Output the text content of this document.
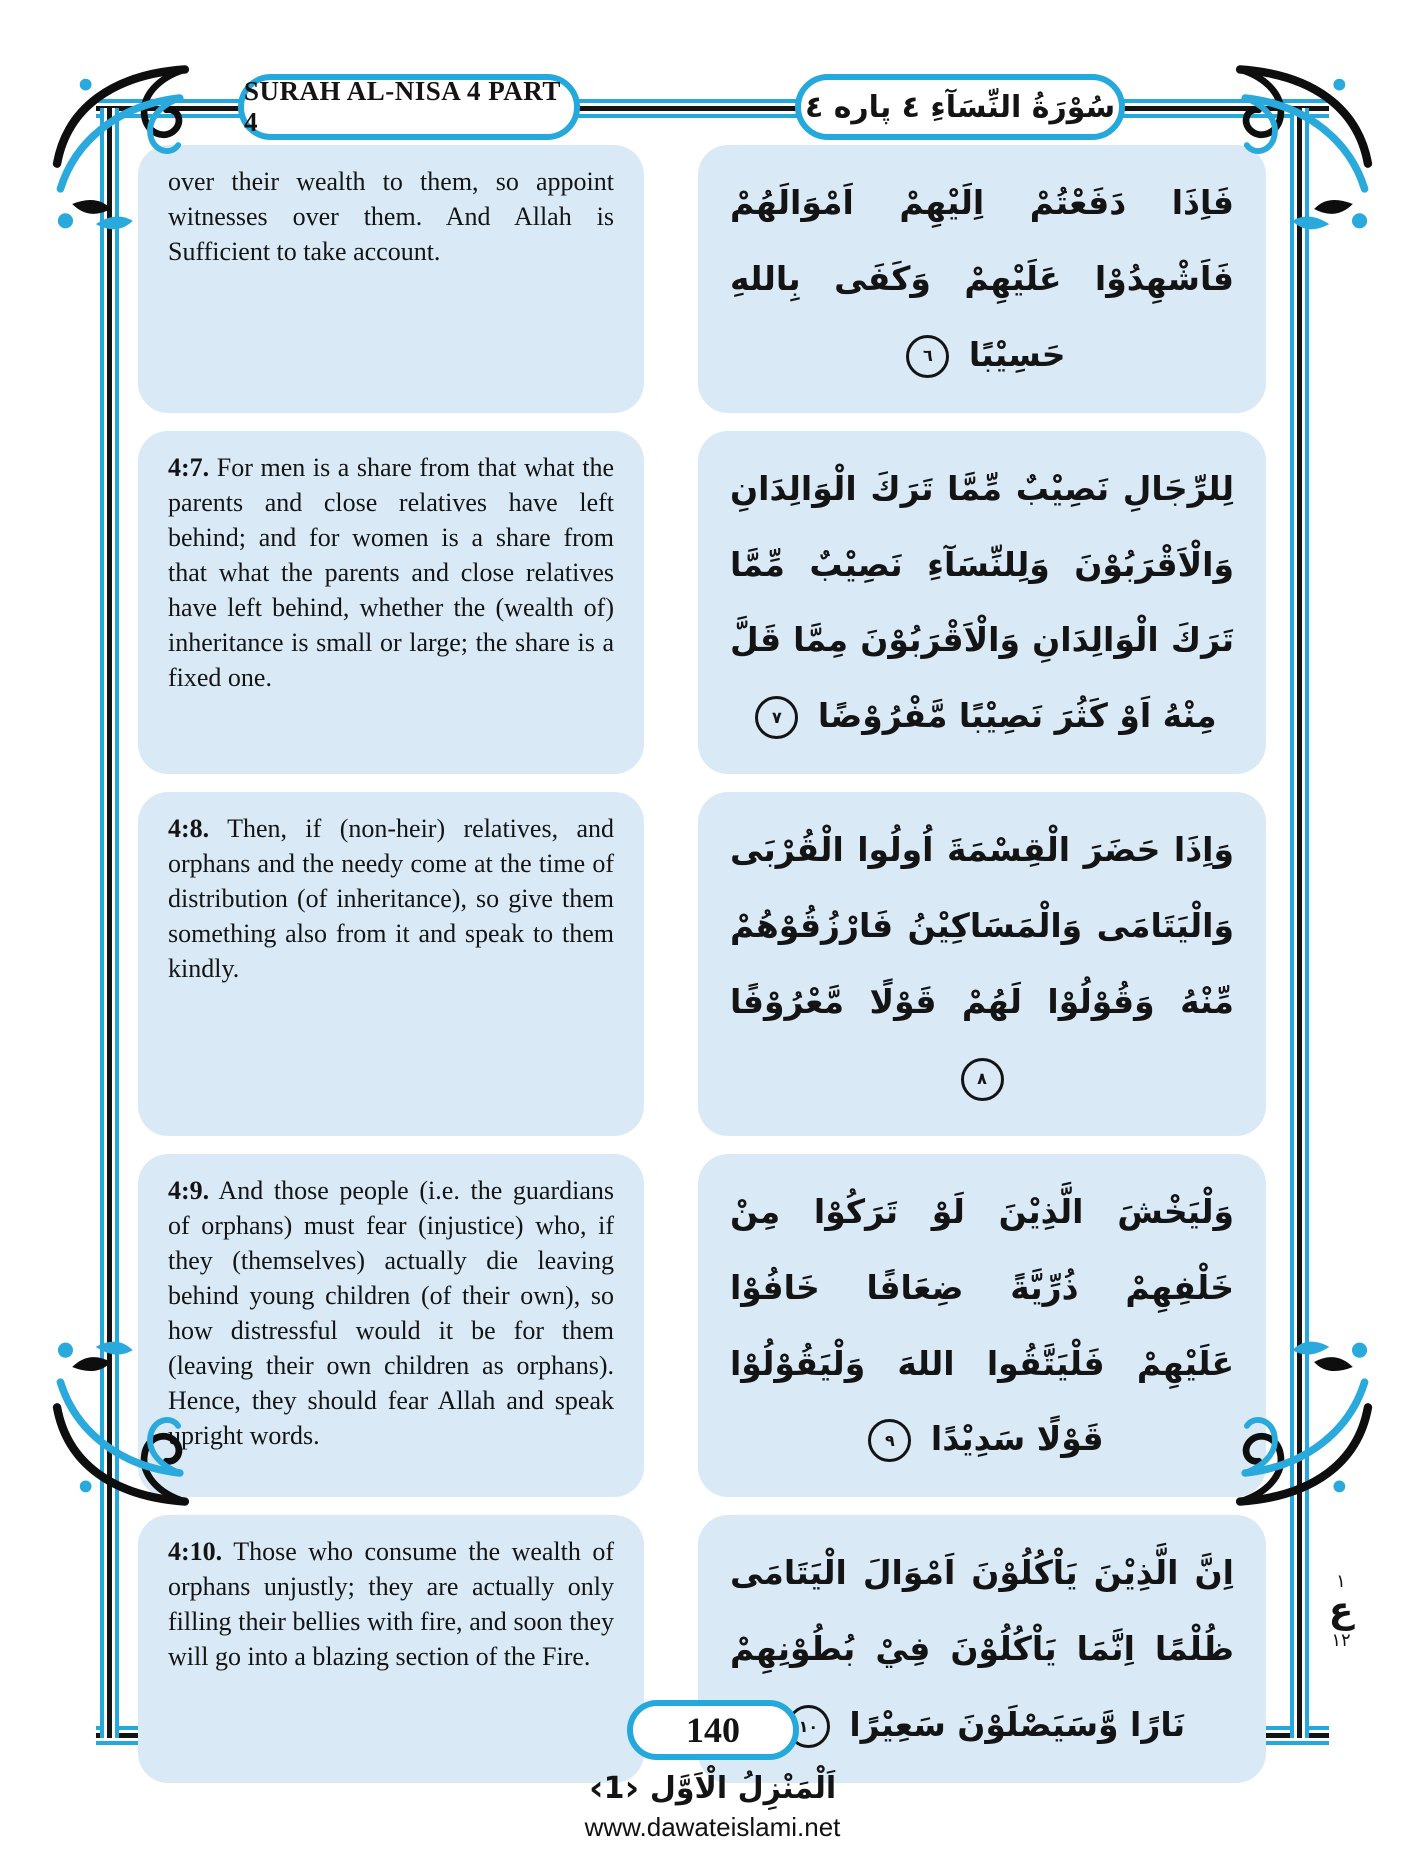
SURAH AL-NISA 4 PART 4	سُوْرَةُ النِّسَآءِ ٤ پاره ٤
over their wealth to them, so appoint witnesses over them. And Allah is Sufficient to take account.
فَاِذَا دَفَعْتُمْ اِلَيْهِمْ اَمْوَالَهُمْ فَاَشْهِدُوْا عَلَيْهِمْ وَكَفَى بِاللهِ حَسِيْبًا
٦
4:7. For men is a share from that what the parents and close relatives have left behind; and for women is a share from that what the parents and close relatives have left behind, whether the (wealth of) inheritance is small or large; the share is a fixed one.
لِلرِّجَالِ نَصِيْبٌ مِّمَّا تَرَكَ الْوَالِدَانِ وَالْاَقْرَبُوْنَ وَلِلنِّسَآءِ نَصِيْبٌ مِّمَّا تَرَكَ الْوَالِدَانِ وَالْاَقْرَبُوْنَ مِمَّا قَلَّ مِنْهُ اَوْ كَثُرَ نَصِيْبًا مَّفْرُوْضًا
٧
4:8. Then, if (non-heir) relatives, and orphans and the needy come at the time of distribution (of inheritance), so give them something also from it and speak to them kindly.
وَاِذَا حَضَرَ الْقِسْمَةَ اُولُوا الْقُرْبَى وَالْيَتَامَى وَالْمَسَاكِيْنُ فَارْزُقُوْهُمْ مِّنْهُ وَقُوْلُوْا لَهُمْ قَوْلًا مَّعْرُوْفًا
٨
4:9. And those people (i.e. the guardians of orphans) must fear (injustice) who, if they (themselves) actually die leaving behind young children (of their own), so how distressful would it be for them (leaving their own children as orphans). Hence, they should fear Allah and speak upright words.
وَلْيَخْشَ الَّذِيْنَ لَوْ تَرَكُوْا مِنْ خَلْفِهِمْ ذُرِّيَّةً ضِعَافًا خَافُوْا عَلَيْهِمْ فَلْيَتَّقُوا اللهَ وَلْيَقُوْلُوْا قَوْلًا سَدِيْدًا
٩
4:10. Those who consume the wealth of orphans unjustly; they are actually only filling their bellies with fire, and soon they will go into a blazing section of the Fire.
اِنَّ الَّذِيْنَ يَاْكُلُوْنَ اَمْوَالَ الْيَتَامَى ظُلْمًا اِنَّمَا يَاْكُلُوْنَ فِيْ بُطُوْنِهِمْ نَارًا وَّسَيَصْلَوْنَ سَعِيْرًا
١٠
١
ع
١٢
140
اَلْمَنْزِلُ الْاَوَّل ‹1›
www.dawateislami.net
